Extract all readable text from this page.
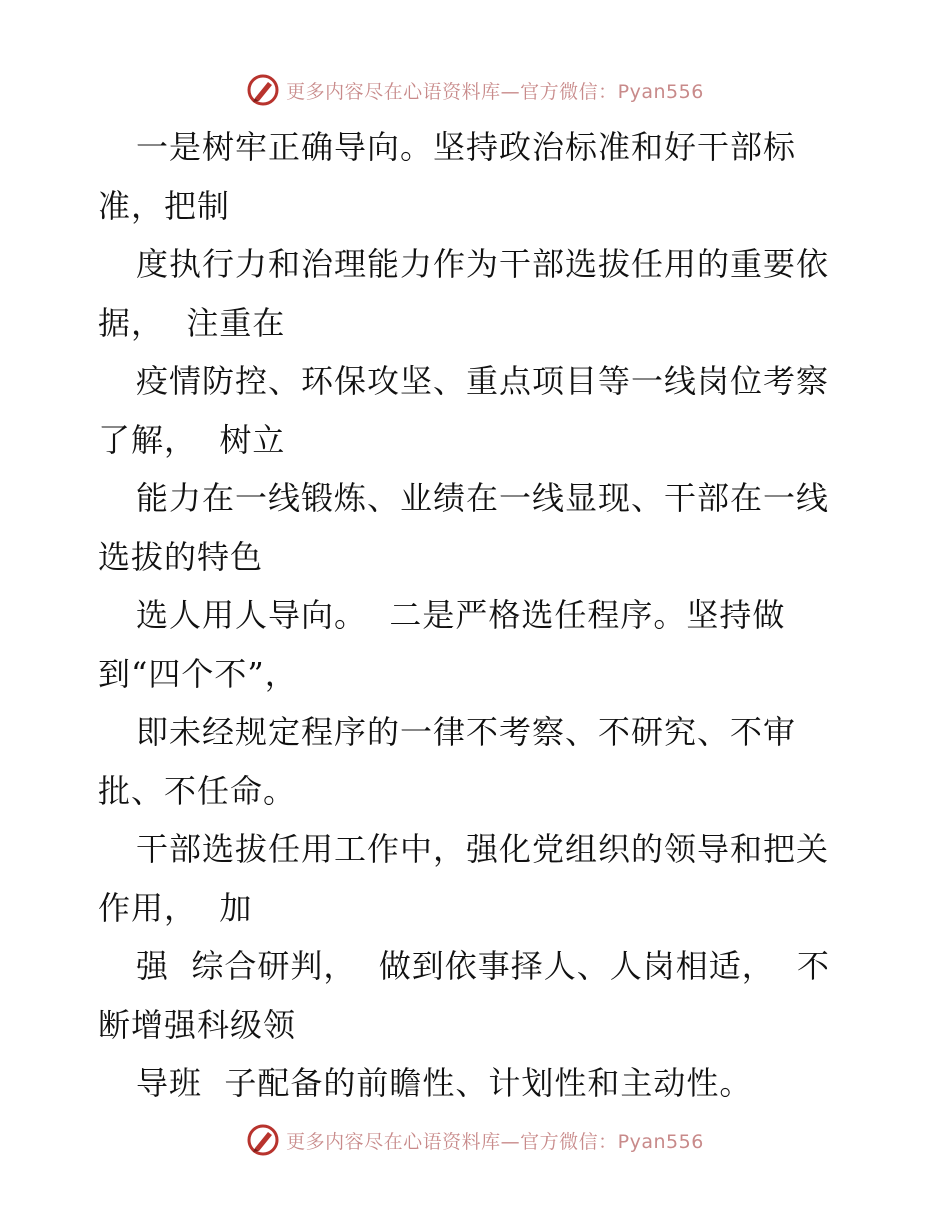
更多内容尽在心语资料库—官方微信：Pyan556
一是树牢正确导向。坚持政治标准和好干部标
准，把制
度执行力和治理能力作为干部选拔任用的重要依
据，  注重在
疫情防控、环保攻坚、重点项目等一线岗位考察
了解，  树立
能力在一线锻炼、业绩在一线显现、干部在一线
选拔的特色
选人用人导向。  二是严格选任程序。坚持做
到“四个不”，
即未经规定程序的一律不考察、不研究、不审
批、不任命。
干部选拔任用工作中，强化党组织的领导和把关
作用，  加
强  综合研判，  做到依事择人、人岗相适，  不
断增强科级领
导班  子配备的前瞻性、计划性和主动性。
更多内容尽在心语资料库—官方微信：Pyan556
